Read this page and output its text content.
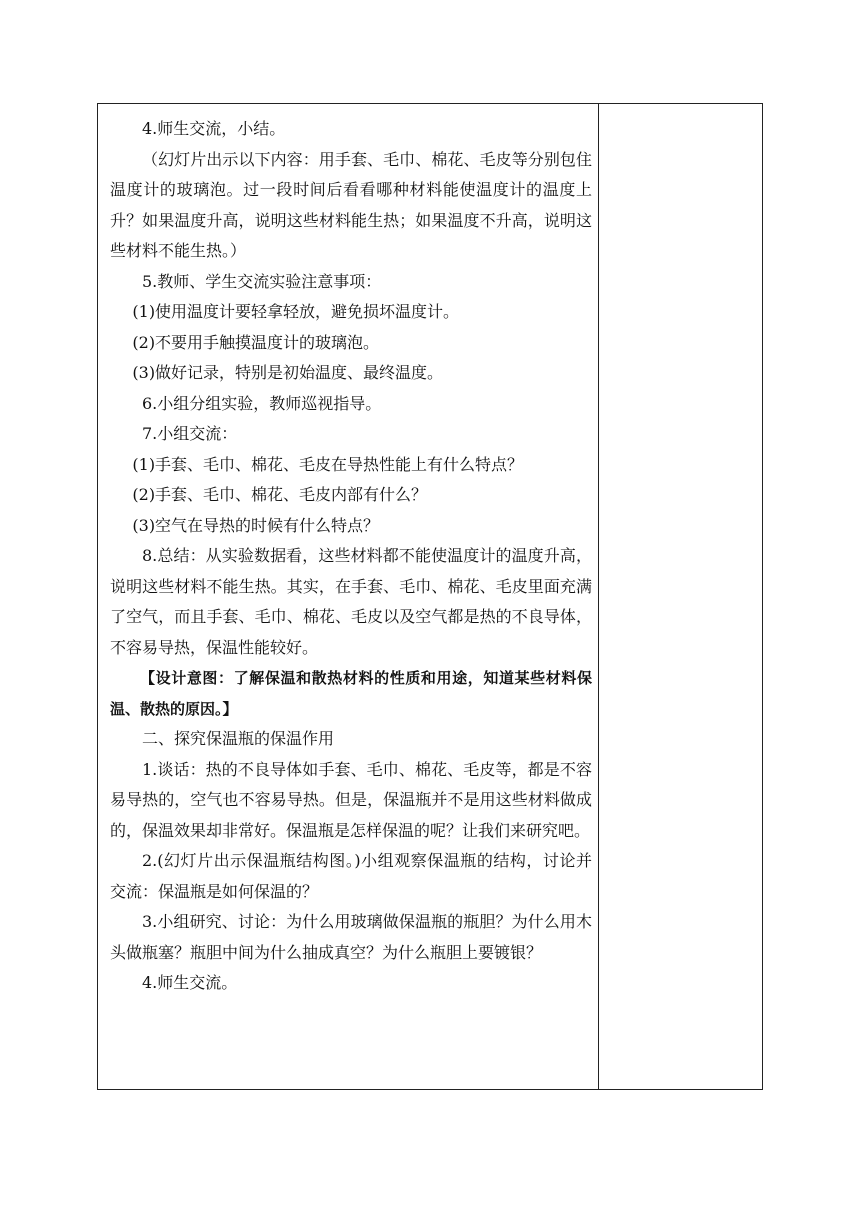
4.师生交流，小结。

（幻灯片出示以下内容：用手套、毛巾、棉花、毛皮等分别包住温度计的玻璃泡。过一段时间后看看哪种材料能使温度计的温度上升？如果温度升高，说明这些材料能生热；如果温度不升高，说明这些材料不能生热。）

5.教师、学生交流实验注意事项：

(1)使用温度计要轻拿轻放，避免损坏温度计。

(2)不要用手触摸温度计的玻璃泡。

(3)做好记录，特别是初始温度、最终温度。

6.小组分组实验，教师巡视指导。

7.小组交流：

(1)手套、毛巾、棉花、毛皮在导热性能上有什么特点？

(2)手套、毛巾、棉花、毛皮内部有什么？

(3)空气在导热的时候有什么特点？

8.总结：从实验数据看，这些材料都不能使温度计的温度升高，说明这些材料不能生热。其实，在手套、毛巾、棉花、毛皮里面充满了空气，而且手套、毛巾、棉花、毛皮以及空气都是热的不良导体，不容易导热，保温性能较好。

【设计意图：了解保温和散热材料的性质和用途，知道某些材料保温、散热的原因。】

二、探究保温瓶的保温作用

1.谈话：热的不良导体如手套、毛巾、棉花、毛皮等，都是不容易导热的，空气也不容易导热。但是，保温瓶并不是用这些材料做成的，保温效果却非常好。保温瓶是怎样保温的呢？让我们来研究吧。

2.(幻灯片出示保温瓶结构图。)小组观察保温瓶的结构，讨论并交流：保温瓶是如何保温的？

3.小组研究、讨论：为什么用玻璃做保温瓶的瓶胆？为什么用木头做瓶塞？瓶胆中间为什么抽成真空？为什么瓶胆上要镀银？

4.师生交流。
